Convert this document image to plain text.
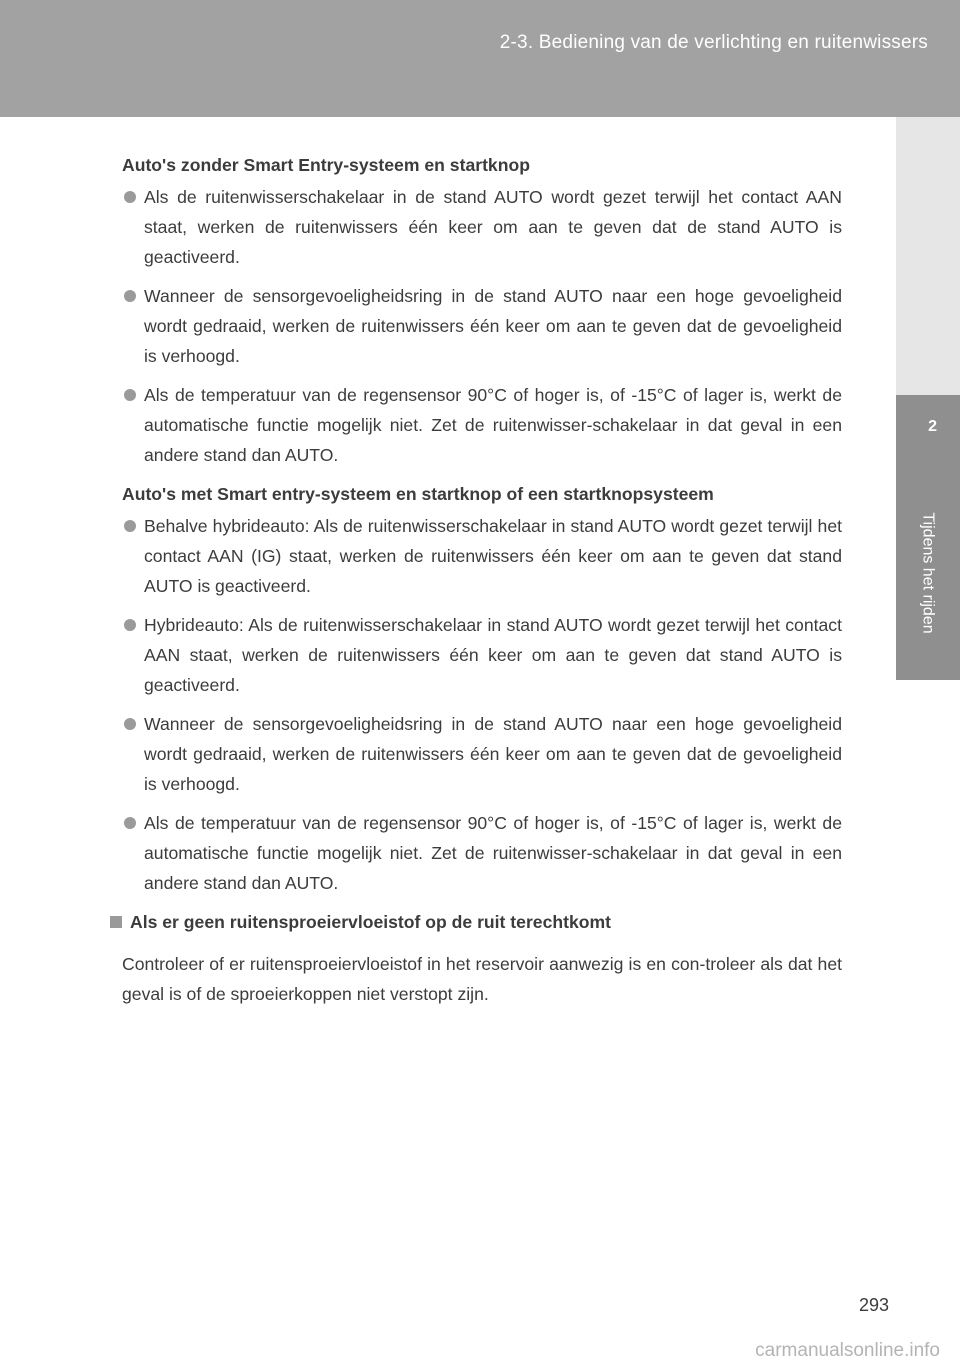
2-3. Bediening van de verlichting en ruitenwissers
2
Tijdens het rijden
Auto's zonder Smart Entry-systeem en startknop
Als de ruitenwisserschakelaar in de stand AUTO wordt gezet terwijl het contact AAN staat, werken de ruitenwissers één keer om aan te geven dat de stand AUTO is geactiveerd.
Wanneer de sensorgevoeligheidsring in de stand AUTO naar een hoge gevoeligheid wordt gedraaid, werken de ruitenwissers één keer om aan te geven dat de gevoeligheid is verhoogd.
Als de temperatuur van de regensensor 90°C of hoger is, of -15°C of lager is, werkt de automatische functie mogelijk niet. Zet de ruitenwisser-schakelaar in dat geval in een andere stand dan AUTO.
Auto's met Smart entry-systeem en startknop of een startknopsysteem
Behalve hybrideauto: Als de ruitenwisserschakelaar in stand AUTO wordt gezet terwijl het contact AAN (IG) staat, werken de ruitenwissers één keer om aan te geven dat stand AUTO is geactiveerd.
Hybrideauto: Als de ruitenwisserschakelaar in stand AUTO wordt gezet terwijl het contact AAN staat, werken de ruitenwissers één keer om aan te geven dat stand AUTO is geactiveerd.
Wanneer de sensorgevoeligheidsring in de stand AUTO naar een hoge gevoeligheid wordt gedraaid, werken de ruitenwissers één keer om aan te geven dat de gevoeligheid is verhoogd.
Als de temperatuur van de regensensor 90°C of hoger is, of -15°C of lager is, werkt de automatische functie mogelijk niet. Zet de ruitenwisser-schakelaar in dat geval in een andere stand dan AUTO.
Als er geen ruitensproeiervloeistof op de ruit terechtkomt

Controleer of er ruitensproeiervloeistof in het reservoir aanwezig is en con-troleer als dat het geval is of de sproeierkoppen niet verstopt zijn.

293
carmanualsonline.info
